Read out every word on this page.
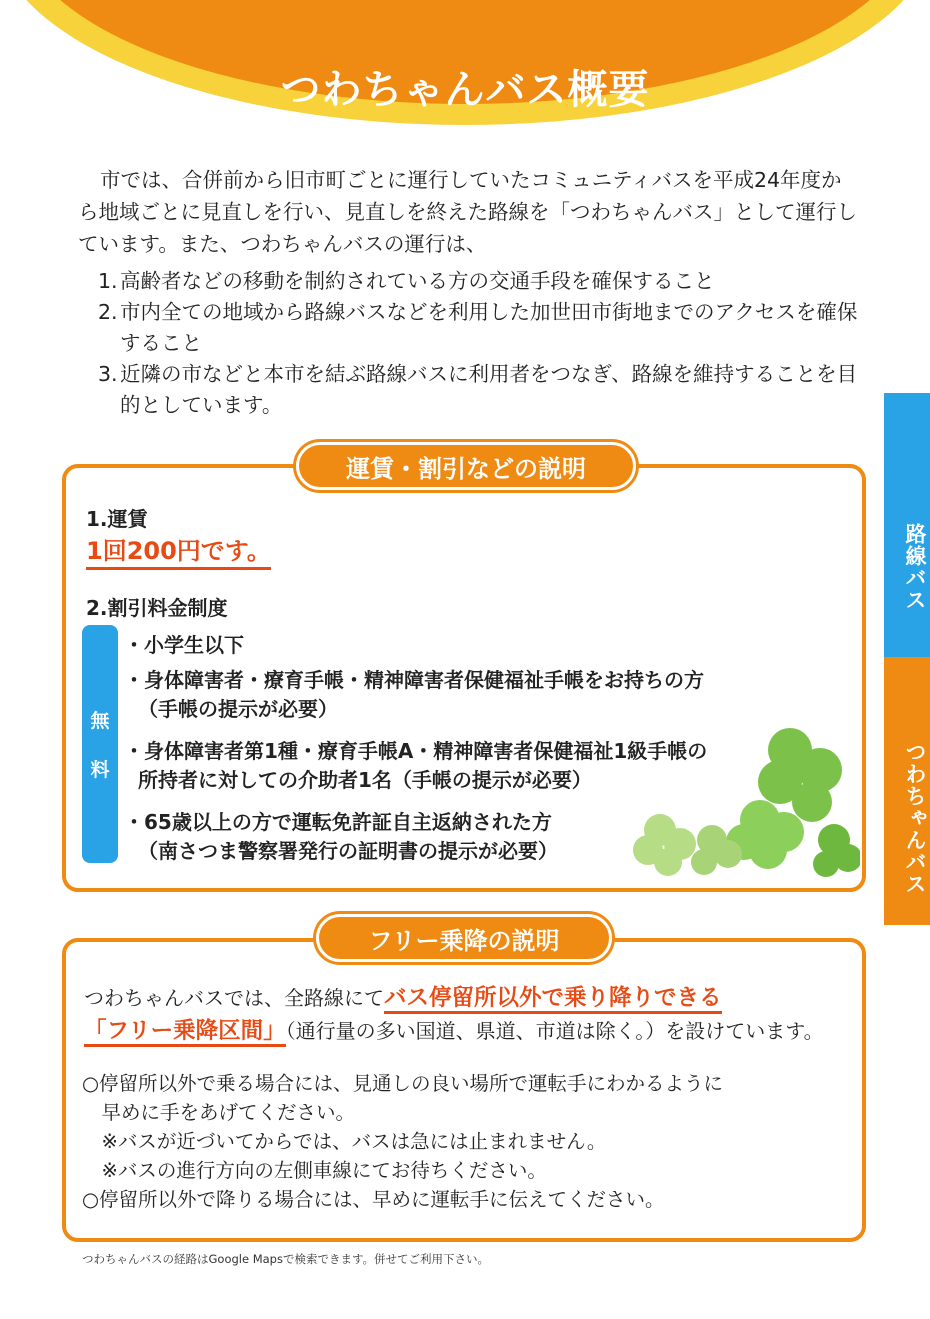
つわちゃんバス概要

市では、合併前から旧市町ごとに運行していたコミュニティバスを平成24年度から地域ごとに見直しを行い、見直しを終えた路線を「つわちゃんバス」として運行しています。また、つわちゃんバスの運行は、

1. 高齢者などの移動を制約されている方の交通手段を確保すること
2. 市内全ての地域から路線バスなどを利用した加世田市街地までのアクセスを確保すること
3. 近隣の市などと本市を結ぶ路線バスに利用者をつなぎ、路線を維持することを目的としています。
路線バス
つわちゃんバス
運賃・割引などの説明
1.運賃
1回200円です。
2.割引料金制度
無
料
・小学生以下
・身体障害者・療育手帳・精神障害者保健福祉手帳をお持ちの方
（手帳の提示が必要）
・身体障害者第1種・療育手帳A・精神障害者保健福祉1級手帳の
所持者に対しての介助者1名（手帳の提示が必要）
・65歳以上の方で運転免許証自主返納された方
（南さつま警察署発行の証明書の提示が必要）
フリー乗降の説明
つわちゃんバスでは、全路線にてバス停留所以外で乗り降りできる
「フリー乗降区間」（通行量の多い国道、県道、市道は除く。）を設けています。
○停留所以外で乗る場合には、見通しの良い場所で運転手にわかるように
　早めに手をあげてください。
　※バスが近づいてからでは、バスは急には止まれません。
　※バスの進行方向の左側車線にてお待ちください。
○停留所以外で降りる場合には、早めに運転手に伝えてください。
つわちゃんバスの経路はGoogle Mapsで検索できます。併せてご利用下さい。
